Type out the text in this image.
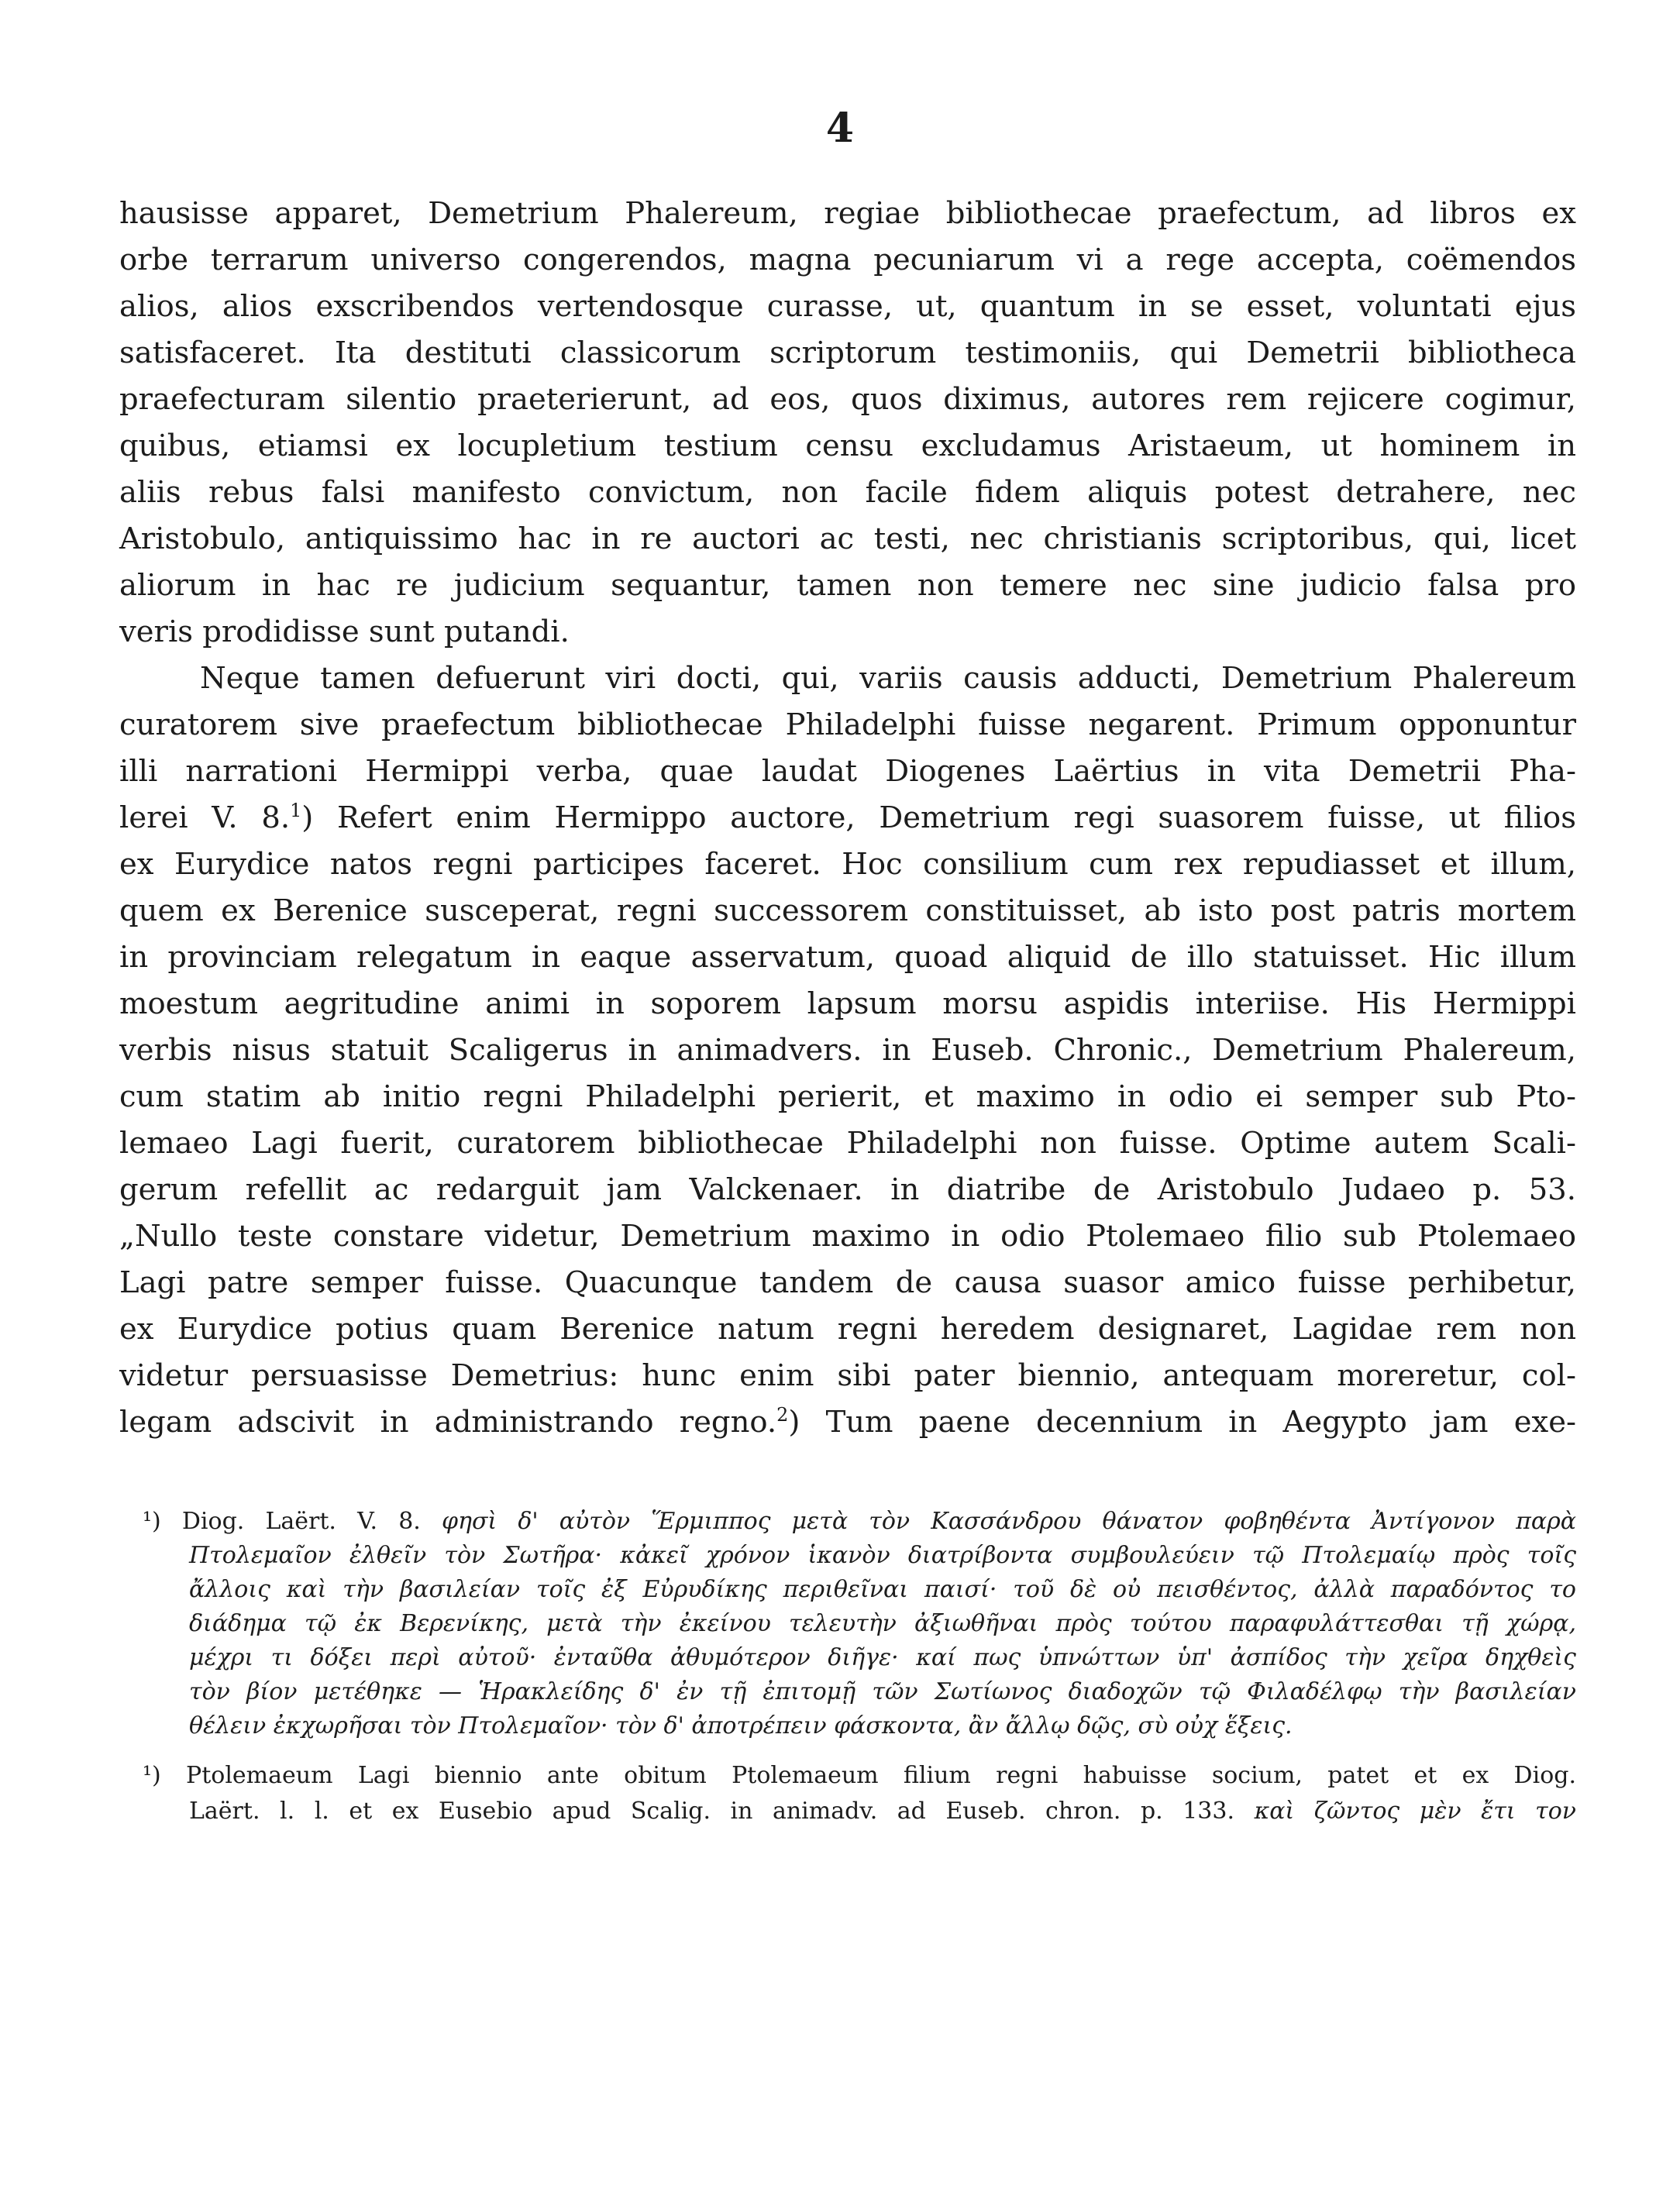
4
hausisse apparet, Demetrium Phalereum, regiae bibliothecae praefectum, ad libros ex
orbe terrarum universo congerendos, magna pecuniarum vi a rege accepta, coëmendos
alios, alios exscribendos vertendosque curasse, ut, quantum in se esset, voluntati ejus
satisfaceret. Ita destituti classicorum scriptorum testimoniis, qui Demetrii bibliotheca
praefecturam silentio praeterierunt, ad eos, quos diximus, autores rem rejicere cogimur,
quibus, etiamsi ex locupletium testium censu excludamus Aristaeum, ut hominem in
aliis rebus falsi manifesto convictum, non facile fidem aliquis potest detrahere, nec
Aristobulo, antiquissimo hac in re auctori ac testi, nec christianis scriptoribus, qui, licet
aliorum in hac re judicium sequantur, tamen non temere nec sine judicio falsa pro
veris prodidisse sunt putandi.
Neque tamen defuerunt viri docti, qui, variis causis adducti, Demetrium Phalereum
curatorem sive praefectum bibliothecae Philadelphi fuisse negarent. Primum opponuntur
illi narrationi Hermippi verba, quae laudat Diogenes Laërtius in vita Demetrii Pha-
lerei V. 8.$^1$) Refert enim Hermippo auctore, Demetrium regi suasorem fuisse, ut filios
ex Eurydice natos regni participes faceret. Hoc consilium cum rex repudiasset et illum,
quem ex Berenice susceperat, regni successorem constituisset, ab isto post patris mortem
in provinciam relegatum in eaque asservatum, quoad aliquid de illo statuisset. Hic illum
moestum aegritudine animi in soporem lapsum morsu aspidis interiise. His Hermippi
verbis nisus statuit Scaligerus in animadvers. in Euseb. Chronic., Demetrium Phalereum,
cum statim ab initio regni Philadelphi perierit, et maximo in odio ei semper sub Pto-
lemaeo Lagi fuerit, curatorem bibliothecae Philadelphi non fuisse. Optime autem Scali-
gerum refellit ac redarguit jam Valckenaer. in diatribe de Aristobulo Judaeo p. 53.
„Nullo teste constare videtur, Demetrium maximo in odio Ptolemaeo filio sub Ptolemaeo
Lagi patre semper fuisse. Quacunque tandem de causa suasor amico fuisse perhibetur,
ex Eurydice potius quam Berenice natum regni heredem designaret, Lagidae rem non
videtur persuasisse Demetrius: hunc enim sibi pater biennio, antequam moreretur, col-
legam adscivit in administrando regno.$^2$) Tum paene decennium in Aegypto jam exe-
¹) Diog. Laërt. V. 8. φησὶ δ' αὐτὸν Ἕρμιππος μετὰ τὸν Κασσάνδρου θάνατον φοβηθέντα Ἀντίγονον παρὰ
Πτολεμαῖον ἐλθεῖν τὸν Σωτῆρα· κἀκεῖ χρόνον ἱκανὸν διατρίβοντα συμβουλεύειν τῷ Πτολεμαίῳ πρὸς τοῖς
ἄλλοις καὶ τὴν βασιλείαν τοῖς ἐξ Εὐρυδίκης περιθεῖναι παισί· τοῦ δὲ οὐ πεισθέντος, ἀλλὰ παραδόντος το
διάδημα τῷ ἐκ Βερενίκης, μετὰ τὴν ἐκείνου τελευτὴν ἀξιωθῆναι πρὸς τούτου παραφυλάττεσθαι τῇ χώρᾳ,
μέχρι τι δόξει περὶ αὐτοῦ· ἐνταῦθα ἀθυμότερον διῆγε· καί πως ὑπνώττων ὑπ' ἀσπίδος τὴν χεῖρα δηχθεὶς
τὸν βίον μετέθηκε — Ἡρακλείδης δ' ἐν τῇ ἐπιτομῇ τῶν Σωτίωνος διαδοχῶν τῷ Φιλαδέλφῳ τὴν βασιλείαν
θέλειν ἐκχωρῆσαι τὸν Πτολεμαῖον· τὸν δ' ἀποτρέπειν φάσκοντα, ἂν ἄλλῳ δῷς, σὺ οὐχ ἕξεις.
¹) Ptolemaeum Lagi biennio ante obitum Ptolemaeum filium regni habuisse socium, patet et ex Diog.
Laërt. l. l. et ex Eusebio apud Scalig. in animadv. ad Euseb. chron. p. 133. καὶ ζῶντος μὲν ἔτι τον
